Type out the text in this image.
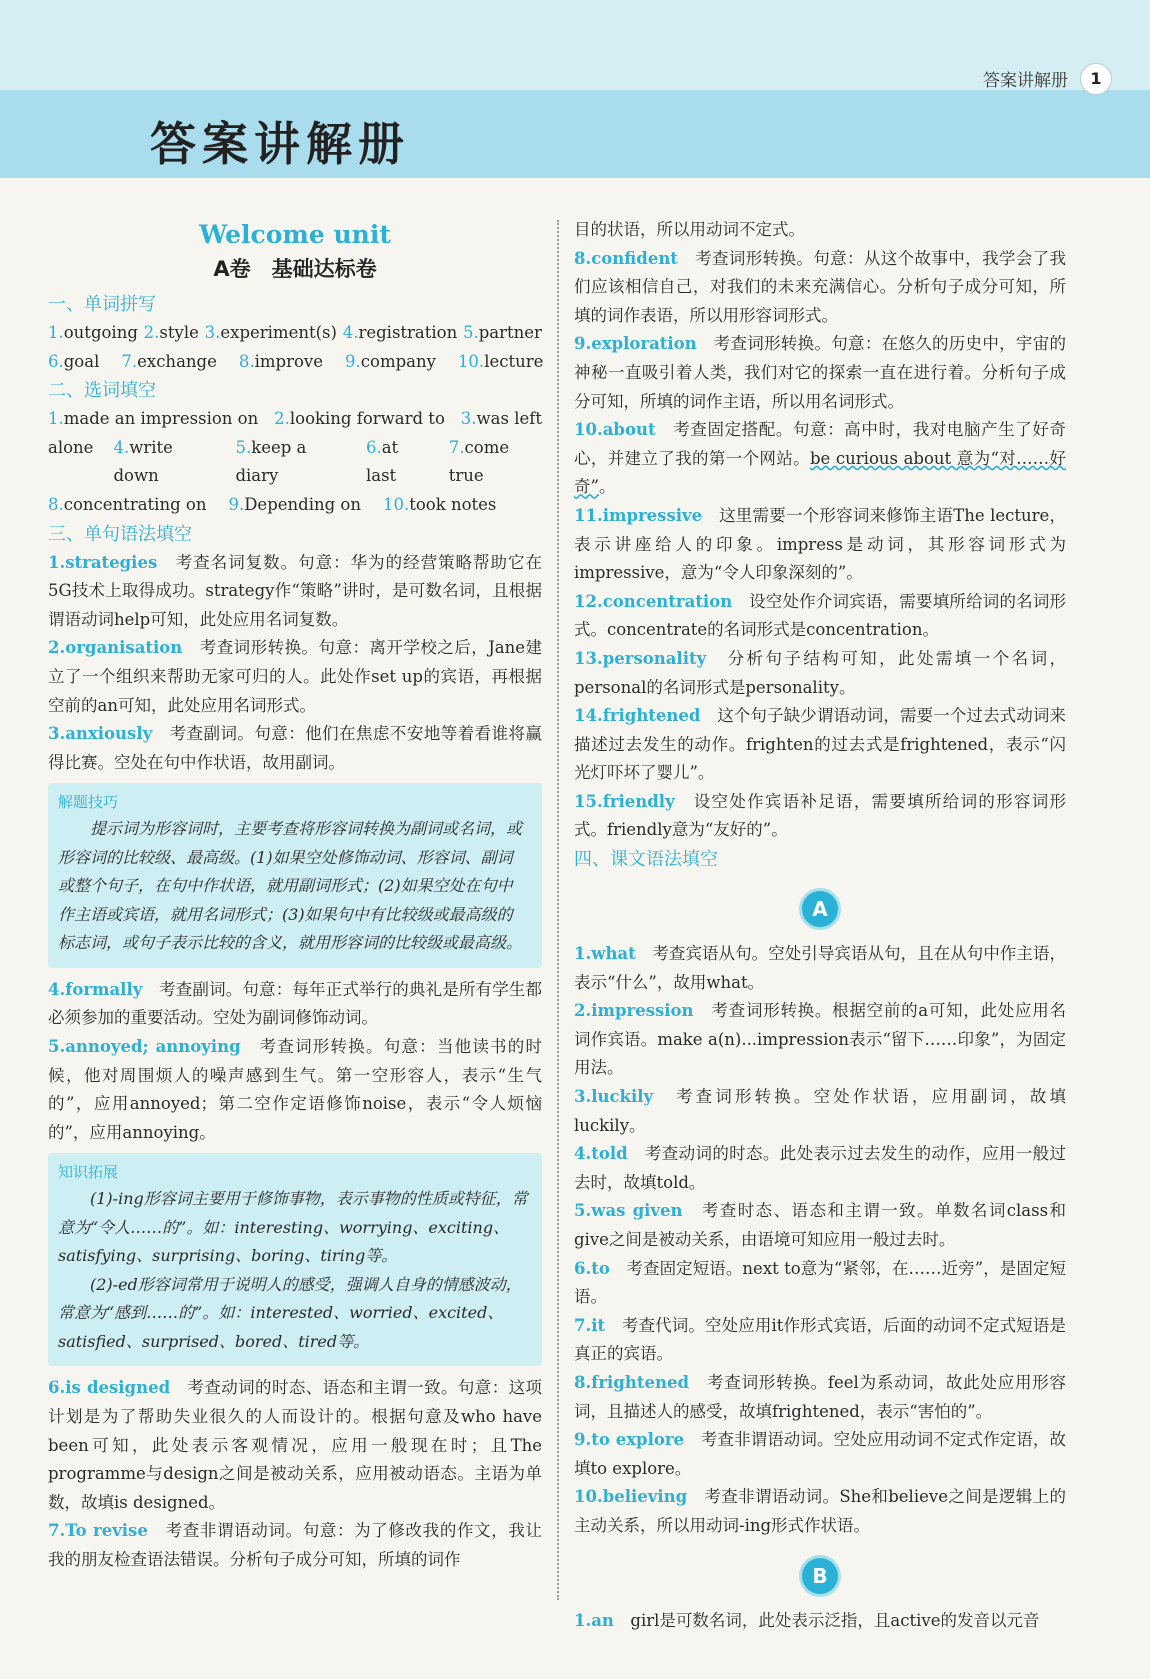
答案讲解册	1
答案讲解册
Welcome unit
A卷　基础达标卷
一、单词拼写
1.outgoing 2.style 3.experiment(s) 4.registration 5.partner
6.goal 7.exchange 8.improve 9.company 10.lecture
二、选词填空
1.made an impression on 2.looking forward to 3.was left
alone 4.write down
5.keep a diary
6.at last
7.come true
8.concentrating on 9.Depending on 10.took notes
三、单句语法填空

1.strategies　 考查名词复数。句意：华为的经营策略帮助它在5G技术上取得成功。strategy作“策略”讲时，是可数名词，且根据谓语动词help可知，此处应用名词复数。

2.organisation　 考查词形转换。句意：离开学校之后，Jane建立了一个组织来帮助无家可归的人。此处作set up的宾语，再根据空前的an可知，此处应用名词形式。

3.anxiously　 考查副词。句意：他们在焦虑不安地等着看谁将赢得比赛。空处在句中作状语，故用副词。

解题技巧

提示词为形容词时，主要考查将形容词转换为副词或名词，或形容词的比较级、最高级。(1)如果空处修饰动词、形容词、副词或整个句子，在句中作状语，就用副词形式；(2)如果空处在句中作主语或宾语，就用名词形式；(3)如果句中有比较级或最高级的标志词，或句子表示比较的含义，就用形容词的比较级或最高级。

4.formally　 考查副词。句意：每年正式举行的典礼是所有学生都必须参加的重要活动。空处为副词修饰动词。

5.annoyed; annoying　 考查词形转换。句意：当他读书的时候，他对周围烦人的噪声感到生气。第一空形容人，表示“生气的”，应用annoyed；第二空作定语修饰noise，表示“令人烦恼的”，应用annoying。

知识拓展

(1)-ing形容词主要用于修饰事物，表示事物的性质或特征，常意为“令人……的”。如：interesting、worrying、exciting、satisfying、surprising、boring、tiring等。

(2)-ed形容词常用于说明人的感受，强调人自身的情感波动，常意为“感到……的”。如：interested、worried、excited、satisfied、surprised、bored、tired等。

6.is designed　 考查动词的时态、语态和主谓一致。句意：这项计划是为了帮助失业很久的人而设计的。根据句意及who have been可知，此处表示客观情况，应用一般现在时；且The programme与design之间是被动关系，应用被动语态。主语为单数，故填is designed。

7.To revise　 考查非谓语动词。句意：为了修改我的作文，我让我的朋友检查语法错误。分析句子成分可知，所填的词作

目的状语，所以用动词不定式。

8.confident　 考查词形转换。句意：从这个故事中，我学会了我们应该相信自己，对我们的未来充满信心。分析句子成分可知，所填的词作表语，所以用形容词形式。

9.exploration　 考查词形转换。句意：在悠久的历史中，宇宙的神秘一直吸引着人类，我们对它的探索一直在进行着。分析句子成分可知，所填的词作主语，所以用名词形式。

10.about　 考查固定搭配。句意：高中时，我对电脑产生了好奇心，并建立了我的第一个网站。be curious about 意为“对……好奇”。

11.impressive　 这里需要一个形容词来修饰主语The lecture，表示讲座给人的印象。impress是动词，其形容词形式为impressive，意为“令人印象深刻的”。

12.concentration　 设空处作介词宾语，需要填所给词的名词形式。concentrate的名词形式是concentration。

13.personality　 分析句子结构可知，此处需填一个名词，personal的名词形式是personality。

14.frightened　 这个句子缺少谓语动词，需要一个过去式动词来描述过去发生的动作。frighten的过去式是frightened，表示“闪光灯吓坏了婴儿”。

15.friendly　 设空处作宾语补足语，需要填所给词的形容词形式。friendly意为“友好的”。

四、课文语法填空
A

1.what　 考查宾语从句。空处引导宾语从句，且在从句中作主语，表示“什么”，故用what。

2.impression　 考查词形转换。根据空前的a可知，此处应用名词作宾语。make a(n)...impression表示“留下……印象”，为固定用法。

3.luckily　 考查词形转换。空处作状语，应用副词，故填luckily。

4.told　 考查动词的时态。此处表示过去发生的动作，应用一般过去时，故填told。

5.was given　 考查时态、语态和主谓一致。单数名词class和give之间是被动关系，由语境可知应用一般过去时。

6.to　 考查固定短语。next to意为“紧邻，在……近旁”，是固定短语。

7.it　 考查代词。空处应用it作形式宾语，后面的动词不定式短语是真正的宾语。

8.frightened　 考查词形转换。feel为系动词，故此处应用形容词，且描述人的感受，故填frightened，表示“害怕的”。

9.to explore　 考查非谓语动词。空处应用动词不定式作定语，故填to explore。

10.believing　 考查非谓语动词。She和believe之间是逻辑上的主动关系，所以用动词-ing形式作状语。

B

1.an　 girl是可数名词，此处表示泛指，且active的发音以元音
